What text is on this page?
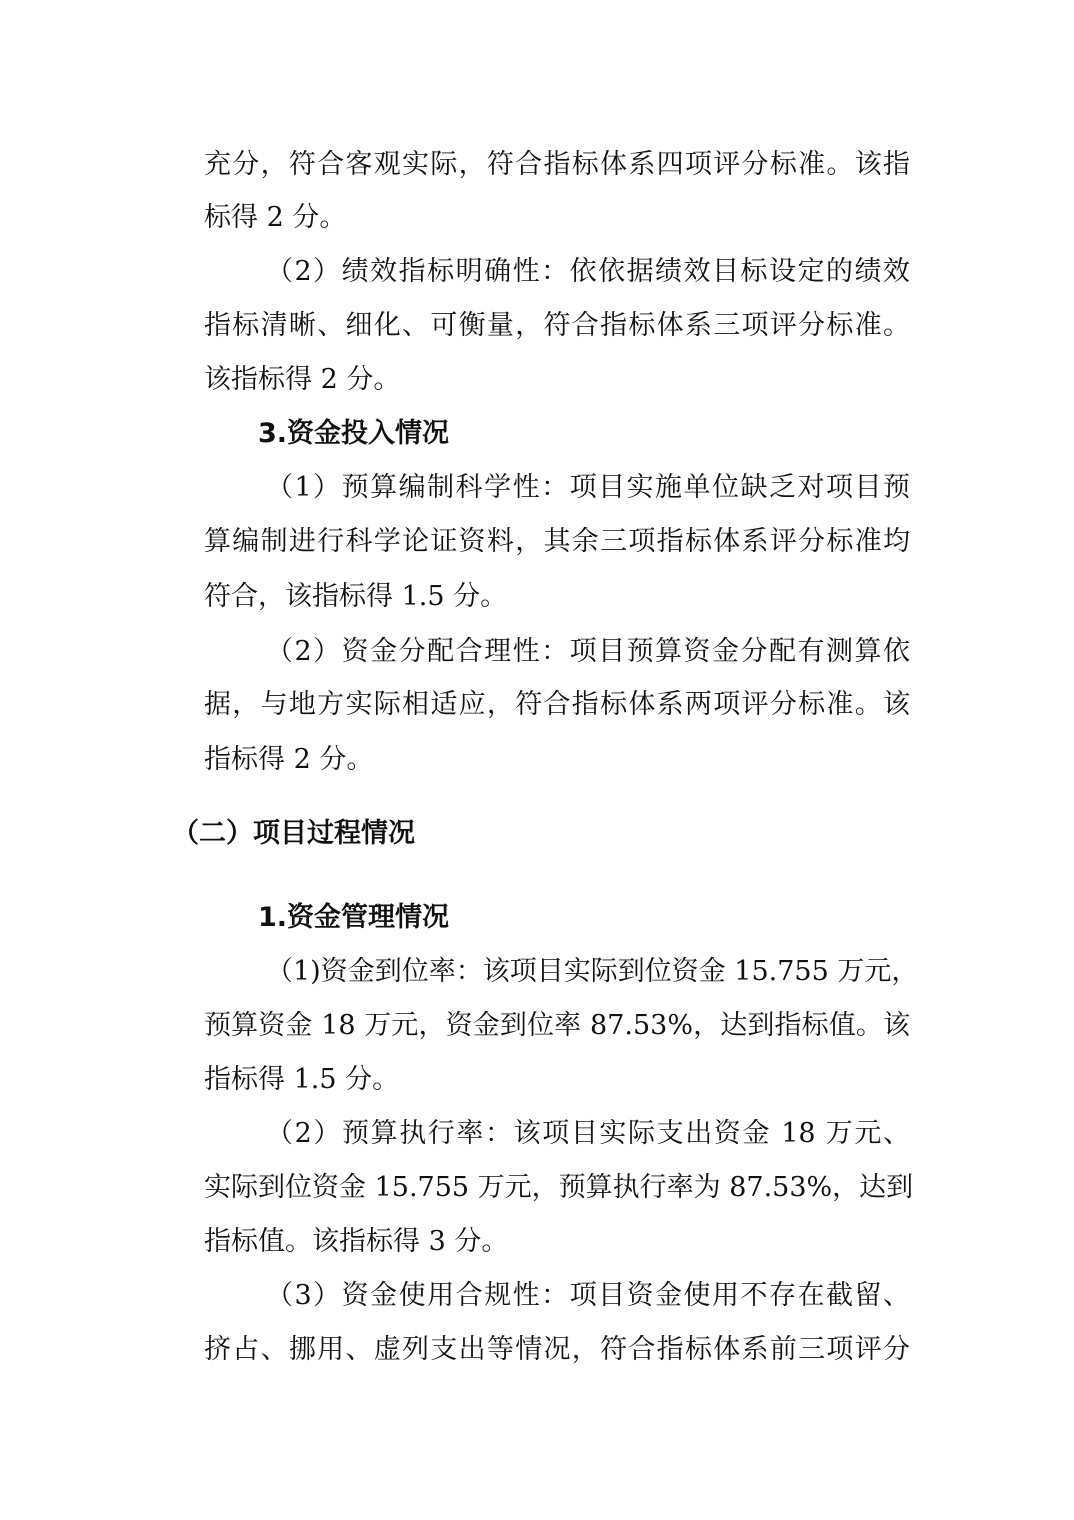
充分，符合客观实际，符合指标体系四项评分标准。该指
标得 2 分。
（2）绩效指标明确性：依依据绩效目标设定的绩效
指标清晰、细化、可衡量，符合指标体系三项评分标准。
该指标得 2 分。
3.资金投入情况
（1）预算编制科学性：项目实施单位缺乏对项目预
算编制进行科学论证资料，其余三项指标体系评分标准均
符合，该指标得 1.5 分。
（2）资金分配合理性：项目预算资金分配有测算依
据，与地方实际相适应，符合指标体系两项评分标准。该
指标得 2 分。
（二）项目过程情况
1.资金管理情况
（1)资金到位率：该项目实际到位资金 15.755 万元，
预算资金 18 万元，资金到位率 87.53%，达到指标值。该
指标得 1.5 分。
（2）预算执行率：该项目实际支出资金 18 万元、
实际到位资金 15.755 万元，预算执行率为 87.53%，达到
指标值。该指标得 3 分。
（3）资金使用合规性：项目资金使用不存在截留、
挤占、挪用、虚列支出等情况，符合指标体系前三项评分
